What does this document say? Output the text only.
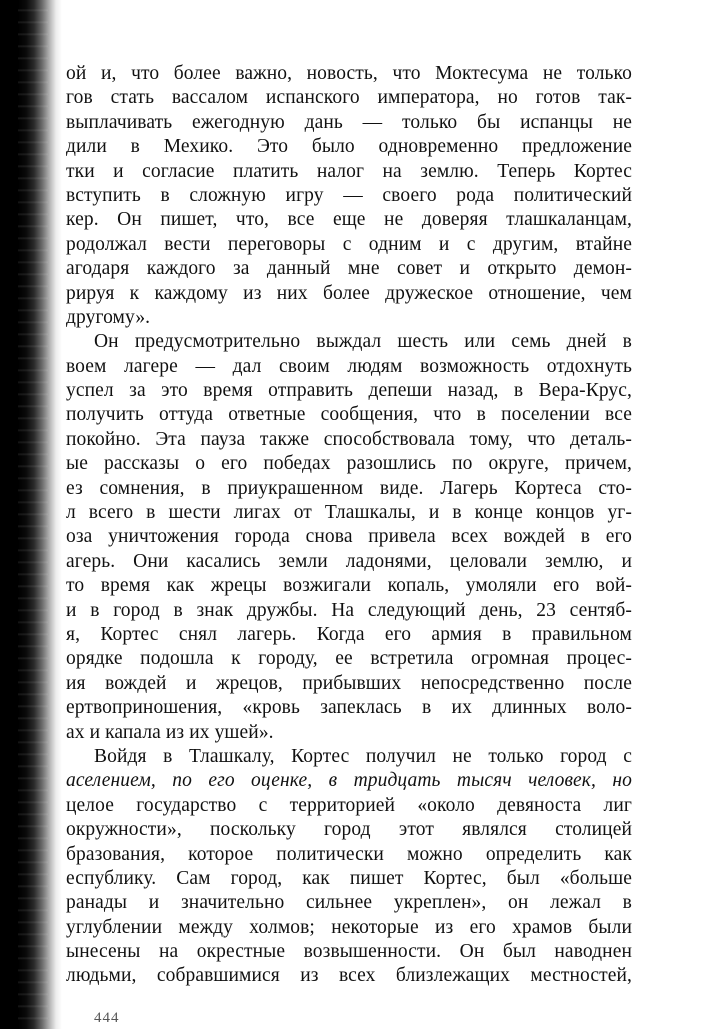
ой и, что более важно, новость, что Моктесума не только
гов стать вассалом испанского императора, но готов так-
выплачивать ежегодную дань — только бы испанцы не
дили в Мехико. Это было одновременно предложение
тки и согласие платить налог на землю. Теперь Кортес
вступить в сложную игру — своего рода политический
кер. Он пишет, что, все еще не доверяя тлашкаланцам,
родолжал вести переговоры с одним и с другим, втайне
агодаря каждого за данный мне совет и открыто демон-
рируя к каждому из них более дружеское отношение, чем
другому».
Он предусмотрительно выждал шесть или семь дней в
воем лагере — дал своим людям возможность отдохнуть
успел за это время отправить депеши назад, в Вера-Крус,
получить оттуда ответные сообщения, что в поселении все
покойно. Эта пауза также способствовала тому, что деталь-
ые рассказы о его победах разошлись по округе, причем,
ез сомнения, в приукрашенном виде. Лагерь Кортеса сто-
л всего в шести лигах от Тлашкалы, и в конце концов уг-
оза уничтожения города снова привела всех вождей в его
агерь. Они касались земли ладонями, целовали землю, и
то время как жрецы возжигали копаль, умоляли его вой-
и в город в знак дружбы. На следующий день, 23 сентяб-
я, Кортес снял лагерь. Когда его армия в правильном
орядке подошла к городу, ее встретила огромная процес-
ия вождей и жрецов, прибывших непосредственно после
ертвоприношения, «кровь запеклась в их длинных воло-
ах и капала из их ушей».
Войдя в Тлашкалу, Кортес получил не только город с
аселением, по его оценке, в тридцать тысяч человек, но
целое государство с территорией «около девяноста лиг
окружности», поскольку город этот являлся столицей
бразования, которое политически можно определить как
еспублику. Сам город, как пишет Кортес, был «больше
ранады и значительно сильнее укреплен», он лежал в
углублении между холмов; некоторые из его храмов были
ынесены на окрестные возвышенности. Он был наводнен
людьми, собравшимися из всех близлежащих местностей,
444
